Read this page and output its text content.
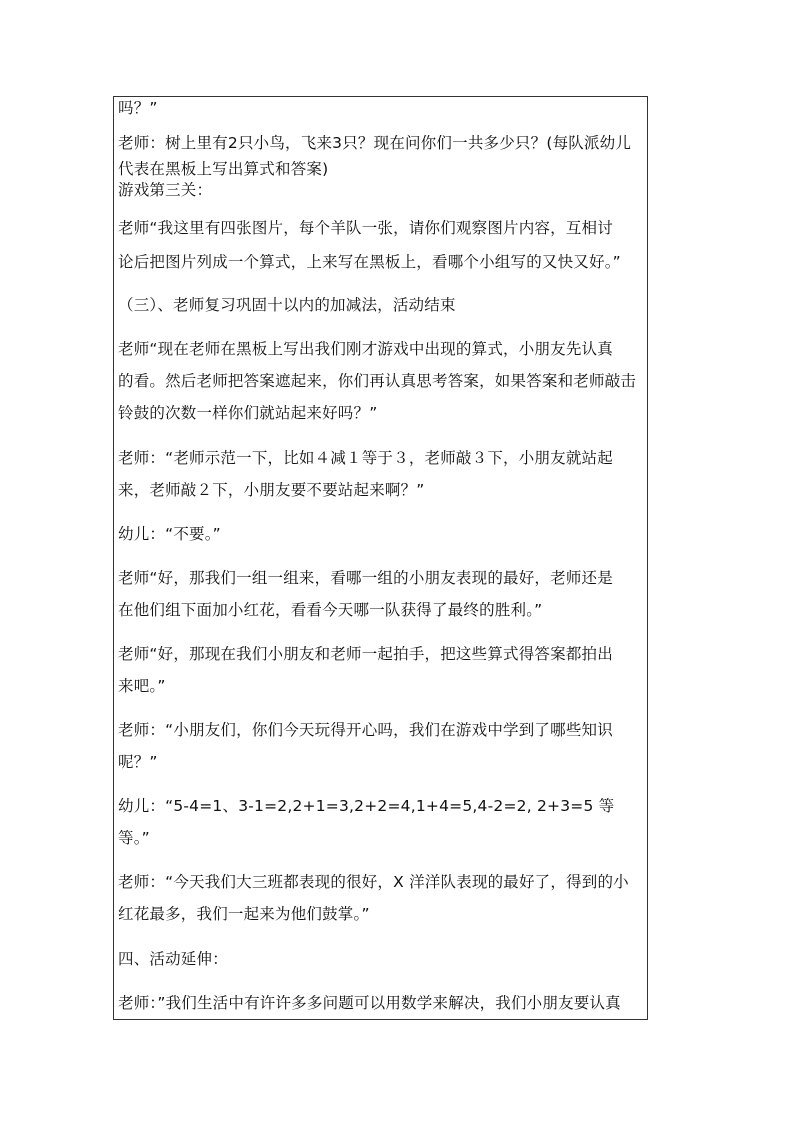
吗？”
老师：树上里有2只小鸟，飞来3只？现在问你们一共多少只？(每队派幼儿
代表在黑板上写出算式和答案)
游戏第三关：
老师“我这里有四张图片，每个羊队一张，请你们观察图片内容，互相讨
论后把图片列成一个算式，上来写在黑板上，看哪个小组写的又快又好。”
（三）、老师复习巩固十以内的加减法，活动结束
老师“现在老师在黑板上写出我们刚才游戏中出现的算式，小朋友先认真
的看。然后老师把答案遮起来，你们再认真思考答案，如果答案和老师敲击
铃鼓的次数一样你们就站起来好吗？”
老师：“老师示范一下，比如４减１等于３，老师敲３下，小朋友就站起
来，老师敲２下，小朋友要不要站起来啊？”
幼儿：“不要。”
老师“好，那我们一组一组来，看哪一组的小朋友表现的最好，老师还是
在他们组下面加小红花，看看今天哪一队获得了最终的胜利。”
老师“好，那现在我们小朋友和老师一起拍手，把这些算式得答案都拍出
来吧。”
老师：“小朋友们，你们今天玩得开心吗，我们在游戏中学到了哪些知识
呢？”
幼儿：“5-4=1、3-1=2,2+1=3,2+2=4,1+4=5,4-2=2, 2+3=5 等
等。”
老师：“今天我们大三班都表现的很好，X 洋洋队表现的最好了，得到的小
红花最多，我们一起来为他们鼓掌。”
四、活动延伸：
老师：”我们生活中有许许多多问题可以用数学来解决，我们小朋友要认真
